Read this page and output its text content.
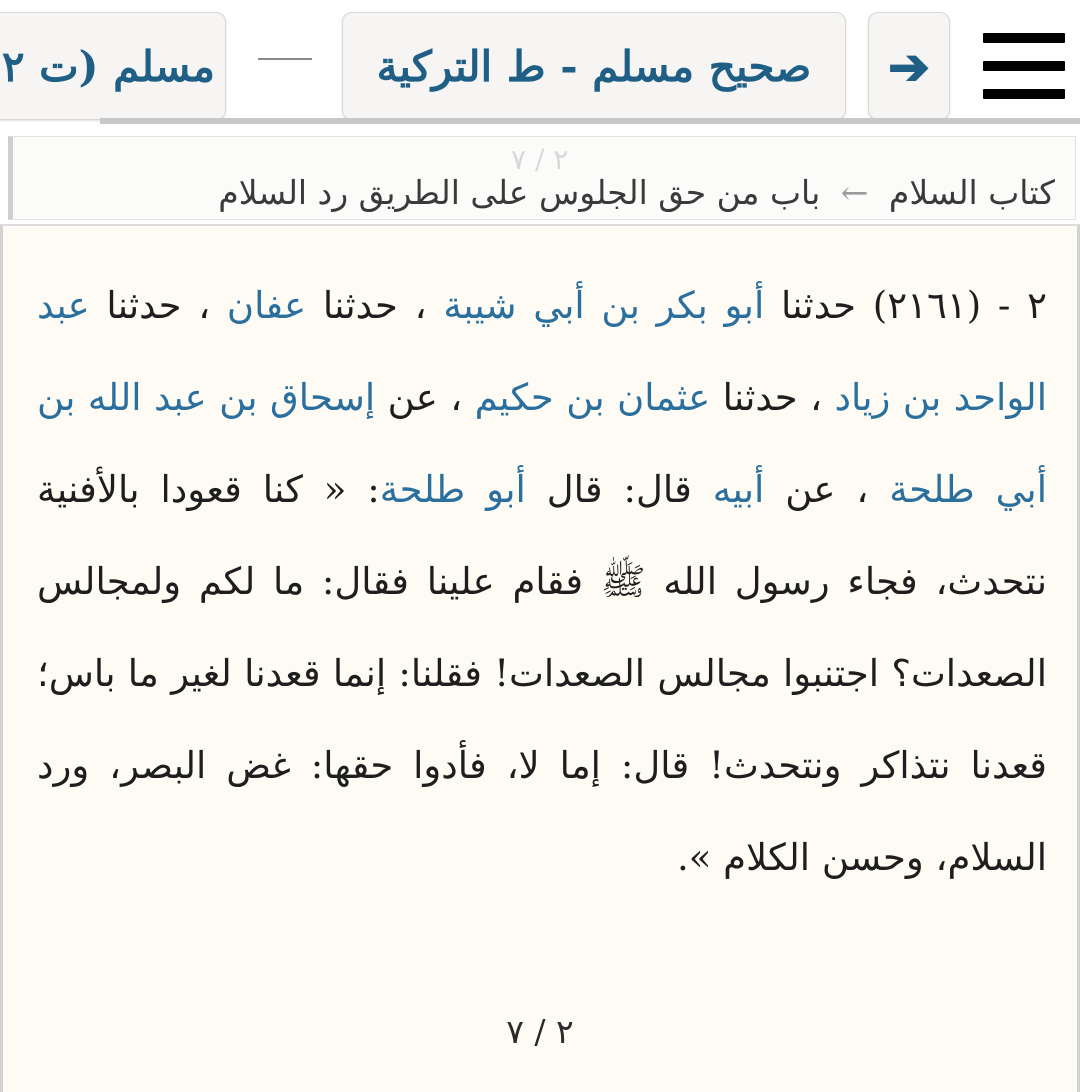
➔
صحيح مسلم - ط التركية
مسلم (ت ٢
٢ / ٧
كتاب السلام ← باب من حق الجلوس على الطريق رد السلام
٢ - (٢١٦١) حدثنا أبو بكر بن أبي شيبة ، حدثنا عفان ، حدثنا عبد الواحد بن زياد ، حدثنا عثمان بن حكيم ، عن إسحاق بن عبد الله بن أبي طلحة ، عن أبيه قال: قال أبو طلحة: « كنا قعودا بالأفنية نتحدث، فجاء رسول الله ﷺ فقام علينا فقال: ما لكم ولمجالس الصعدات؟ اجتنبوا مجالس الصعدات! فقلنا: إنما قعدنا لغير ما باس؛ قعدنا نتذاكر ونتحدث! قال: إما لا، فأدوا حقها: غض البصر، ورد السلام، وحسن الكلام ».
٢ / ٧
